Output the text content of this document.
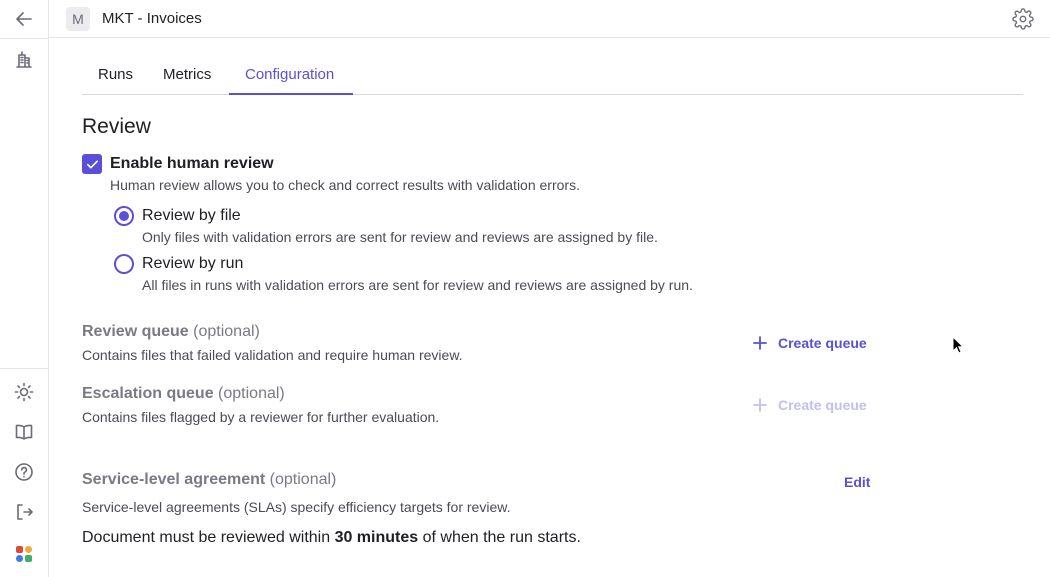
M	MKT - Invoices
Runs Metrics Configuration
Review
Enable human review
Human review allows you to check and correct results with validation errors.
Review by file
Only files with validation errors are sent for review and reviews are assigned by file.
Review by run
All files in runs with validation errors are sent for review and reviews are assigned by run.
Review queue (optional)
Contains files that failed validation and require human review.
Create queue
Escalation queue (optional)
Contains files flagged by a reviewer for further evaluation.
Create queue
Service-level agreement (optional)	Edit
Service-level agreements (SLAs) specify efficiency targets for review.
Document must be reviewed within 30 minutes of when the run starts.
